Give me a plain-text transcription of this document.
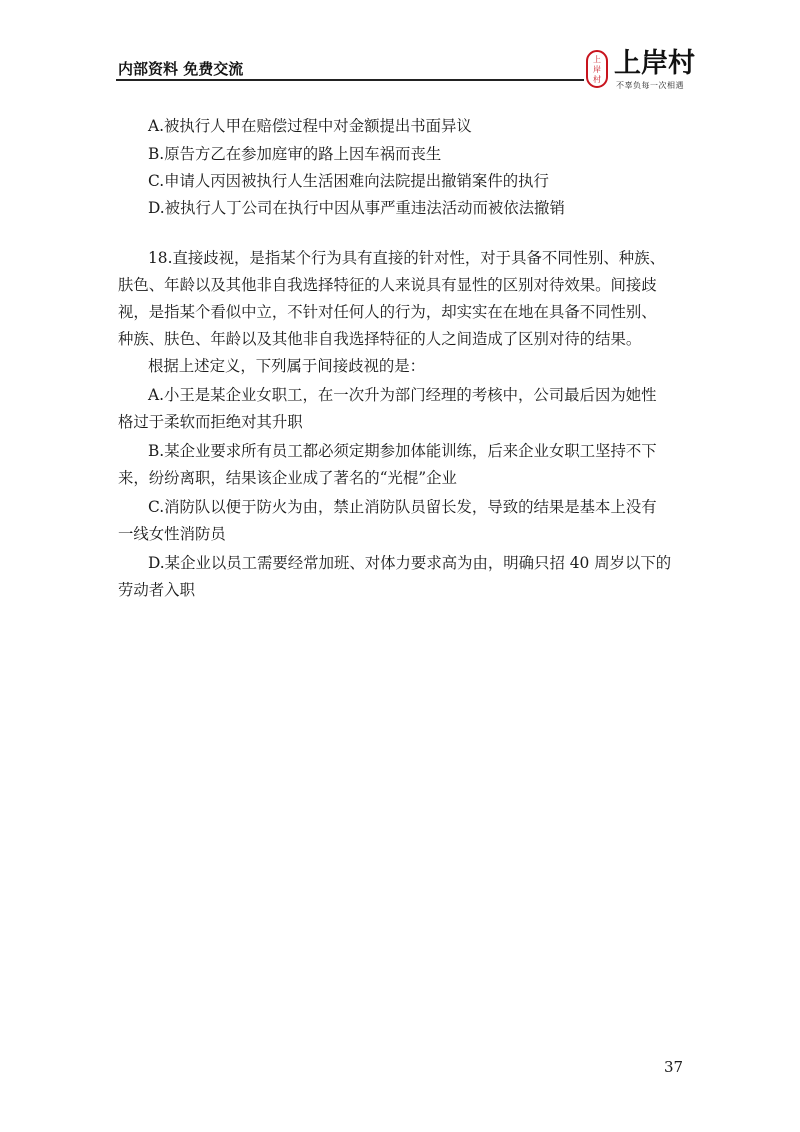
内部资料 免费交流
上
岸
村
上岸村
不辜负每一次相遇
A.被执行人甲在赔偿过程中对金额提出书面异议
B.原告方乙在参加庭审的路上因车祸而丧生
C.申请人丙因被执行人生活困难向法院提出撤销案件的执行
D.被执行人丁公司在执行中因从事严重违法活动而被依法撤销
18.直接歧视，是指某个行为具有直接的针对性，对于具备不同性别、种族、
肤色、年龄以及其他非自我选择特征的人来说具有显性的区别对待效果。间接歧
视，是指某个看似中立，不针对任何人的行为，却实实在在地在具备不同性别、
种族、肤色、年龄以及其他非自我选择特征的人之间造成了区别对待的结果。
根据上述定义，下列属于间接歧视的是：
A.小王是某企业女职工，在一次升为部门经理的考核中，公司最后因为她性
格过于柔软而拒绝对其升职
B.某企业要求所有员工都必须定期参加体能训练，后来企业女职工坚持不下
来，纷纷离职，结果该企业成了著名的“光棍”企业
C.消防队以便于防火为由，禁止消防队员留长发，导致的结果是基本上没有
一线女性消防员
D.某企业以员工需要经常加班、对体力要求高为由，明确只招 40 周岁以下的
劳动者入职
37
